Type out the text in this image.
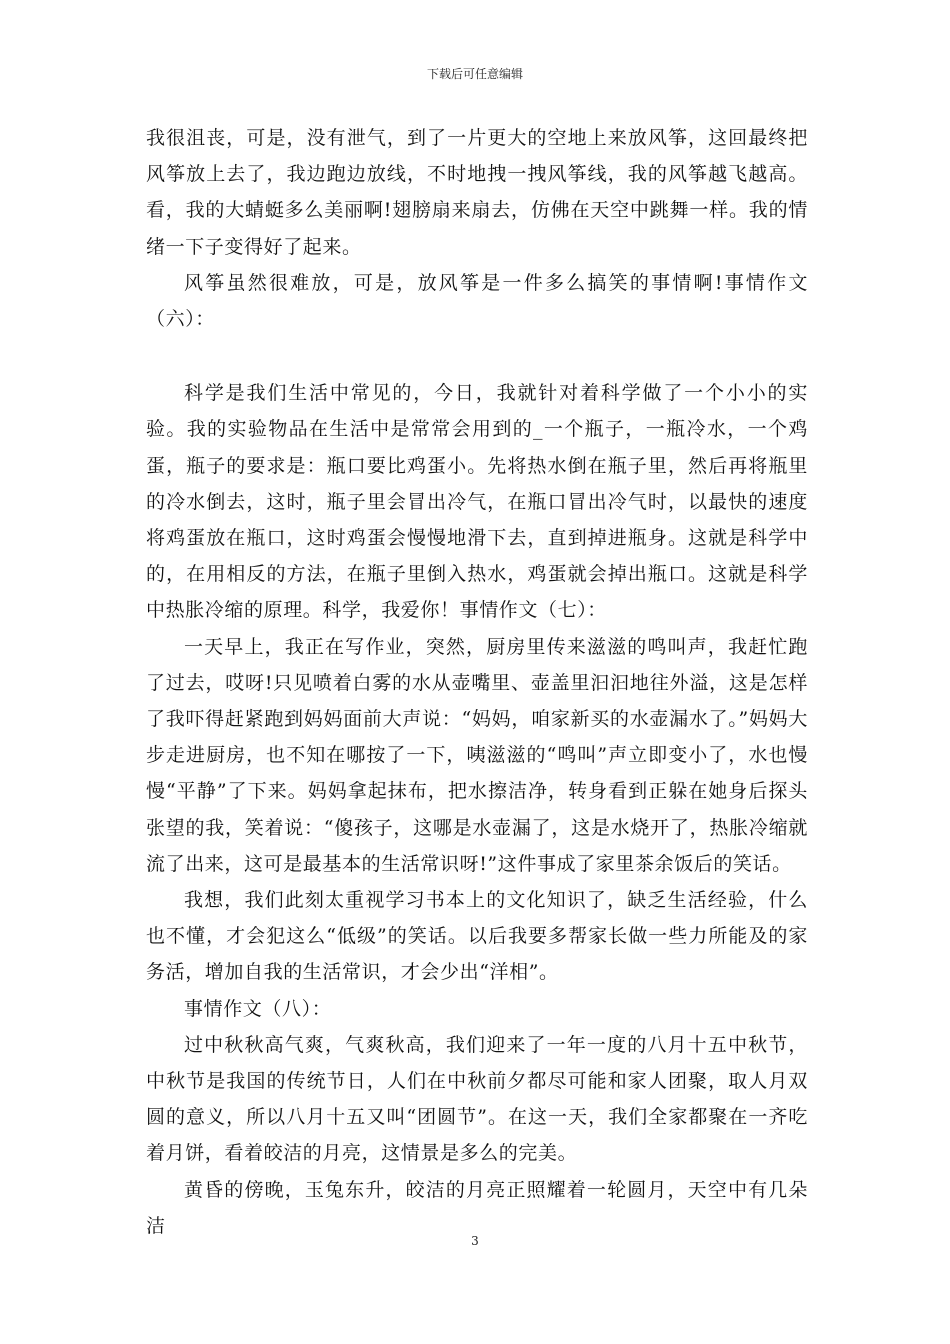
下载后可任意编辑

我很沮丧，可是，没有泄气，到了一片更大的空地上来放风筝，这回最终把风筝放上去了，我边跑边放线，不时地拽一拽风筝线，我的风筝越飞越高。看，我的大蜻蜓多么美丽啊!翅膀扇来扇去，仿佛在天空中跳舞一样。我的情绪一下子变得好了起来。

风筝虽然很难放，可是，放风筝是一件多么搞笑的事情啊!事情作文（六）：

科学是我们生活中常见的，今日，我就针对着科学做了一个小小的实验。我的实验物品在生活中是常常会用到的_一个瓶子，一瓶冷水，一个鸡蛋，瓶子的要求是：瓶口要比鸡蛋小。先将热水倒在瓶子里，然后再将瓶里的冷水倒去，这时，瓶子里会冒出冷气，在瓶口冒出冷气时，以最快的速度将鸡蛋放在瓶口，这时鸡蛋会慢慢地滑下去，直到掉进瓶身。这就是科学中的，在用相反的方法，在瓶子里倒入热水，鸡蛋就会掉出瓶口。这就是科学中热胀冷缩的原理。科学，我爱你！事情作文（七）：

一天早上，我正在写作业，突然，厨房里传来滋滋的鸣叫声，我赶忙跑了过去，哎呀!只见喷着白雾的水从壶嘴里、壶盖里汩汩地往外溢，这是怎样了我吓得赶紧跑到妈妈面前大声说：“妈妈，咱家新买的水壶漏水了。”妈妈大步走进厨房，也不知在哪按了一下，咦滋滋的“鸣叫”声立即变小了，水也慢慢“平静”了下来。妈妈拿起抹布，把水擦洁净，转身看到正躲在她身后探头张望的我，笑着说：“傻孩子，这哪是水壶漏了，这是水烧开了，热胀冷缩就流了出来，这可是最基本的生活常识呀!”这件事成了家里茶余饭后的笑话。

我想，我们此刻太重视学习书本上的文化知识了，缺乏生活经验，什么也不懂，才会犯这么“低级”的笑话。以后我要多帮家长做一些力所能及的家务活，增加自我的生活常识，才会少出“洋相”。

事情作文（八）：

过中秋秋高气爽，气爽秋高，我们迎来了一年一度的八月十五中秋节，中秋节是我国的传统节日，人们在中秋前夕都尽可能和家人团聚，取人月双圆的意义，所以八月十五又叫“团圆节”。在这一天，我们全家都聚在一齐吃着月饼，看着皎洁的月亮，这情景是多么的完美。

黄昏的傍晚，玉兔东升，皎洁的月亮正照耀着一轮圆月，天空中有几朵洁

3
